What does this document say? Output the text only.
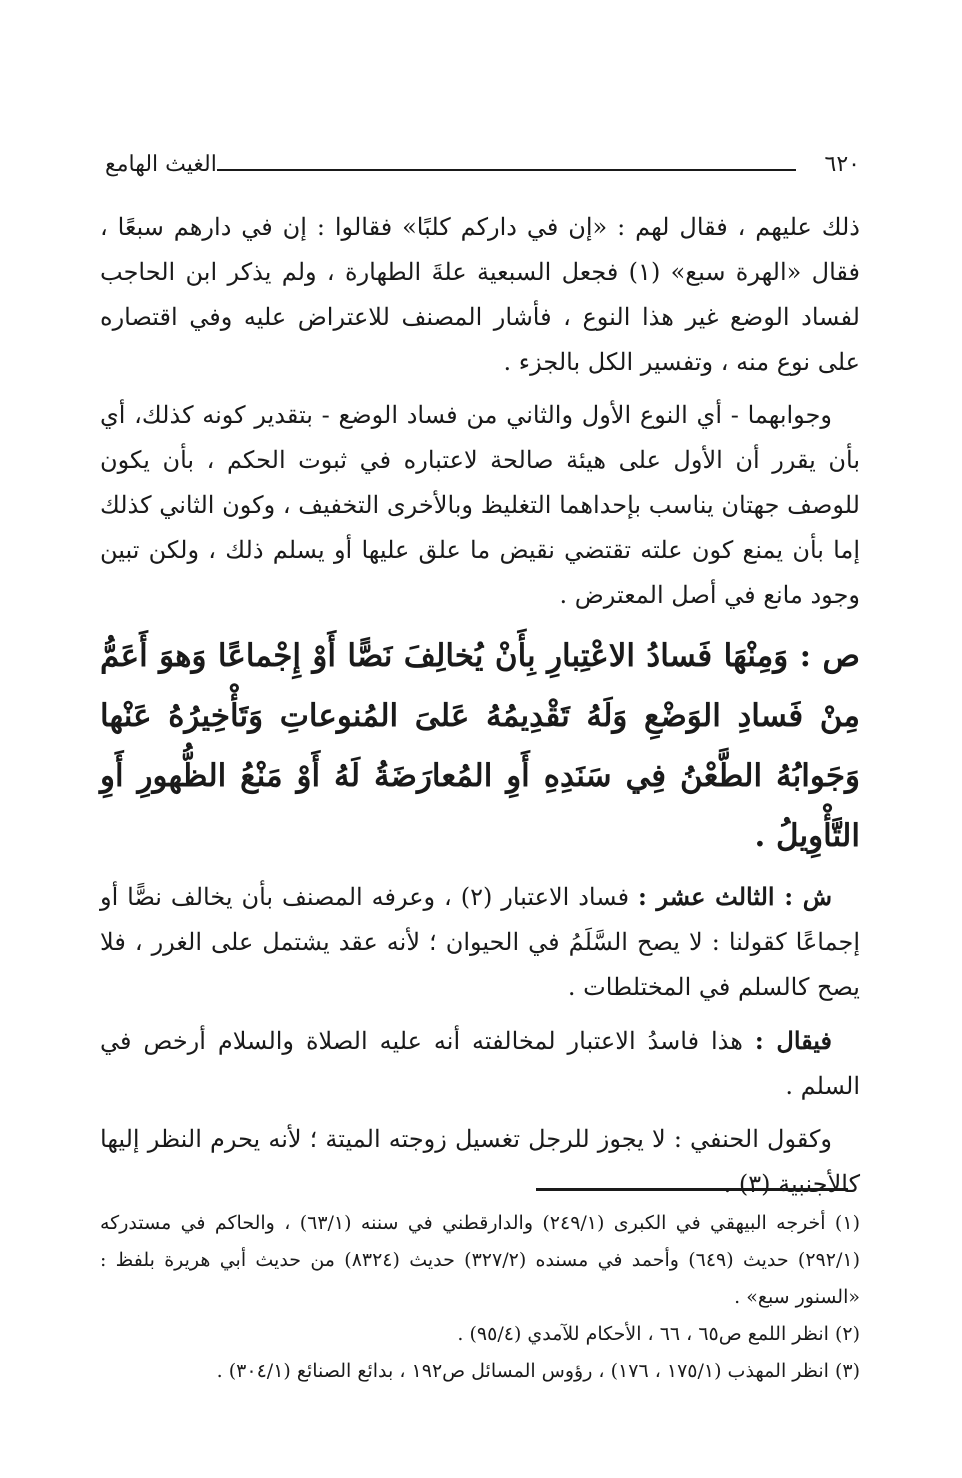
٦٢٠
الغيث الهامع

ذلك عليهم ، فقال لهم : «إن في داركم كلبًا» فقالوا : إن في دارهم سبعًا ، فقال «الهرة سبع» (١) فجعل السبعية علةَ الطهارة ، ولم يذكر ابن الحاجب لفساد الوضع غير هذا النوع ، فأشار المصنف للاعتراض عليه وفي اقتصاره على نوع منه ، وتفسير الكل بالجزء .

وجوابهما - أي النوع الأول والثاني من فساد الوضع - بتقدير كونه كذلك، أي بأن يقرر أن الأول على هيئة صالحة لاعتباره في ثبوت الحكم ، بأن يكون للوصف جهتان يناسب بإحداهما التغليظ وبالأخرى التخفيف ، وكون الثاني كذلك إما بأن يمنع كون علته تقتضي نقيض ما علق عليها أو يسلم ذلك ، ولكن تبين وجود مانع في أصل المعترض .

ص : وَمِنْهَا فَسادُ الاعْتِبارِ بِأَنْ يُخالِفَ نَصًّا أَوْ إِجْماعًا وَهوَ أَعَمُّ مِنْ فَسادِ الوَضْعِ وَلَهُ تَقْدِيمُهُ عَلىَ المُنوعاتِ وَتَأْخِيرُهُ عَنْها وَجَوابُهُ الطَّعْنُ فِي سَنَدِهِ أَوِ المُعارَضَةُ لَهُ أَوْ مَنْعُ الظُّهورِ أَوِ التَّأْوِيلُ .

ش : الثالث عشر : فساد الاعتبار (٢) ، وعرفه المصنف بأن يخالف نصًّا أو إجماعًا كقولنا : لا يصح السَّلَمُ في الحيوان ؛ لأنه عقد يشتمل على الغرر ، فلا يصح كالسلم في المختلطات .

فيقال : هذا فاسدُ الاعتبار لمخالفته أنه عليه الصلاة والسلام أرخص في السلم .

وكقول الحنفي : لا يجوز للرجل تغسيل زوجته الميتة ؛ لأنه يحرم النظر إليها كالأجنبية (٣) .

(١) أخرجه البيهقي في الكبرى (٢٤٩/١) والدارقطني في سننه (٦٣/١) ، والحاكم في مستدركه (٢٩٢/١) حديث (٦٤٩) وأحمد في مسنده (٣٢٧/٢) حديث (٨٣٢٤) من حديث أبي هريرة بلفظ : «السنور سبع» .

(٢) انظر اللمع ص٦٥ ، ٦٦ ، الأحكام للآمدي (٩٥/٤) .

(٣) انظر المهذب (١٧٥/١ ، ١٧٦) ، رؤوس المسائل ص١٩٢ ، بدائع الصنائع (٣٠٤/١) .
